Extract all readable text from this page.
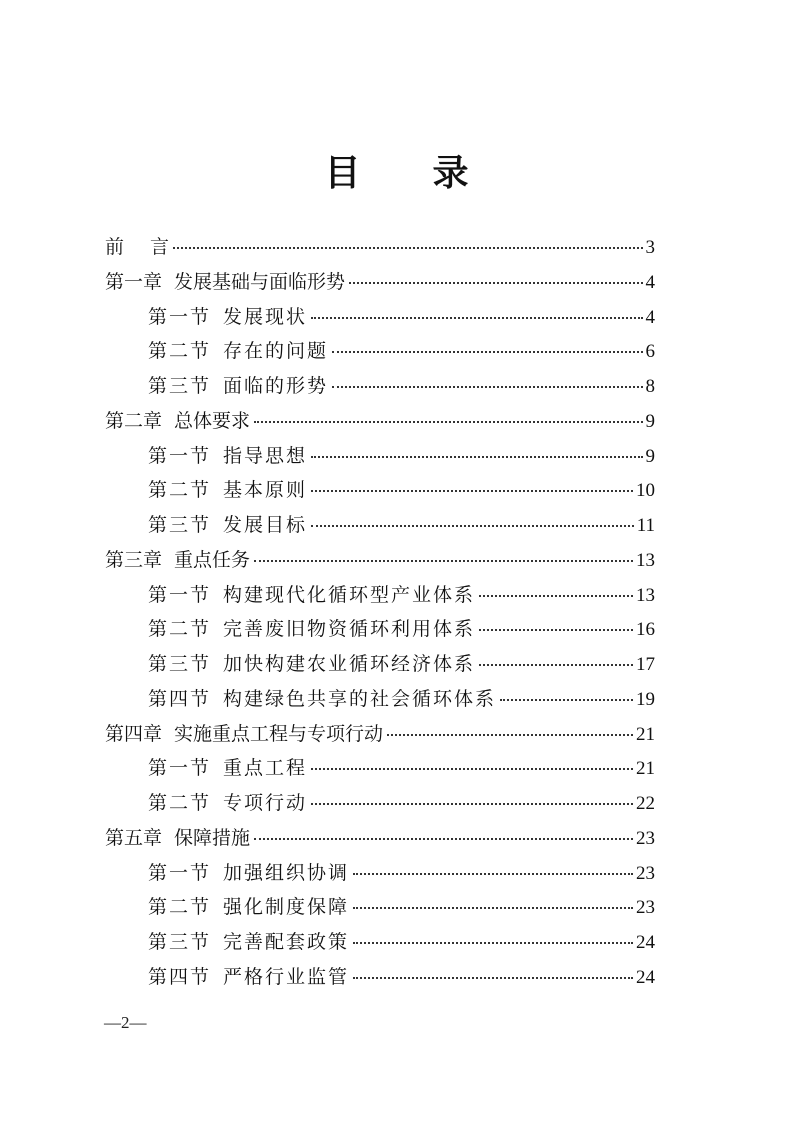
目 录
前 言	3
第一章 发展基础与面临形势	4
第一节 发展现状	4
第二节 存在的问题	6
第三节 面临的形势	8
第二章 总体要求	9
第一节 指导思想	9
第二节 基本原则	10
第三节 发展目标	11
第三章 重点任务	13
第一节 构建现代化循环型产业体系	13
第二节 完善废旧物资循环利用体系	16
第三节 加快构建农业循环经济体系	17
第四节 构建绿色共享的社会循环体系	19
第四章 实施重点工程与专项行动	21
第一节 重点工程	21
第二节 专项行动	22
第五章 保障措施	23
第一节 加强组织协调	23
第二节 强化制度保障	23
第三节 完善配套政策	24
第四节 严格行业监管	24
—2—
